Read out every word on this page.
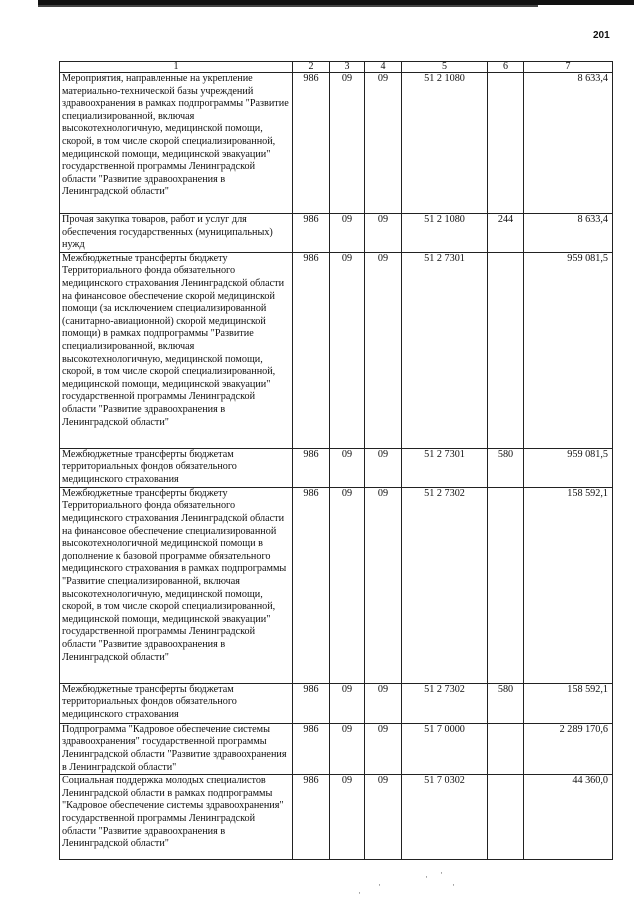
201
1	2	3	4	5	6	7
Мероприятия, направленные на укрепление материально-технической базы учреждений здравоохранения в рамках подпрограммы "Развитие специализированной, включая высокотехнологичную, медицинской помощи, скорой, в том числе скорой специализированной, медицинской помощи, медицинской эвакуации" государственной программы Ленинградской области "Развитие здравоохранения в Ленинградской области"	986	09	09	51 2 1080		8 633,4
Прочая закупка товаров, работ и услуг для обеспечения государственных (муниципальных) нужд	986	09	09	51 2 1080	244	8 633,4
Межбюджетные трансферты бюджету Территориального фонда обязательного медицинского страхования Ленинградской области на финансовое обеспечение скорой медицинской помощи (за исключением специализированной (санитарно-авиационной) скорой медицинской помощи) в рамках подпрограммы "Развитие специализированной, включая высокотехнологичную, медицинской помощи, скорой, в том числе скорой специализированной, медицинской помощи, медицинской эвакуации" государственной программы Ленинградской области "Развитие здравоохранения в Ленинградской области"	986	09	09	51 2 7301		959 081,5
Межбюджетные трансферты бюджетам территориальных фондов обязательного медицинского страхования	986	09	09	51 2 7301	580	959 081,5
Межбюджетные трансферты бюджету Территориального фонда обязательного медицинского страхования Ленинградской области на финансовое обеспечение специализированной высокотехнологичной медицинской помощи в дополнение к базовой программе обязательного медицинского страхования в рамках подпрограммы "Развитие специализированной, включая высокотехнологичную, медицинской помощи, скорой, в том числе скорой специализированной, медицинской помощи, медицинской эвакуации" государственной программы Ленинградской области "Развитие здравоохранения в Ленинградской области"	986	09	09	51 2 7302		158 592,1
Межбюджетные трансферты бюджетам территориальных фондов обязательного медицинского страхования	986	09	09	51 2 7302	580	158 592,1
Подпрограмма "Кадровое обеспечение системы здравоохранения" государственной программы Ленинградской области "Развитие здравоохранения в Ленинградской области"	986	09	09	51 7 0000		2 289 170,6
Социальная поддержка молодых специалистов Ленинградской области в рамках подпрограммы "Кадровое обеспечение системы здравоохранения" государственной программы Ленинградской области "Развитие здравоохранения в Ленинградской области"	986	09	09	51 7 0302		44 360,0
· ·
·
·
·
